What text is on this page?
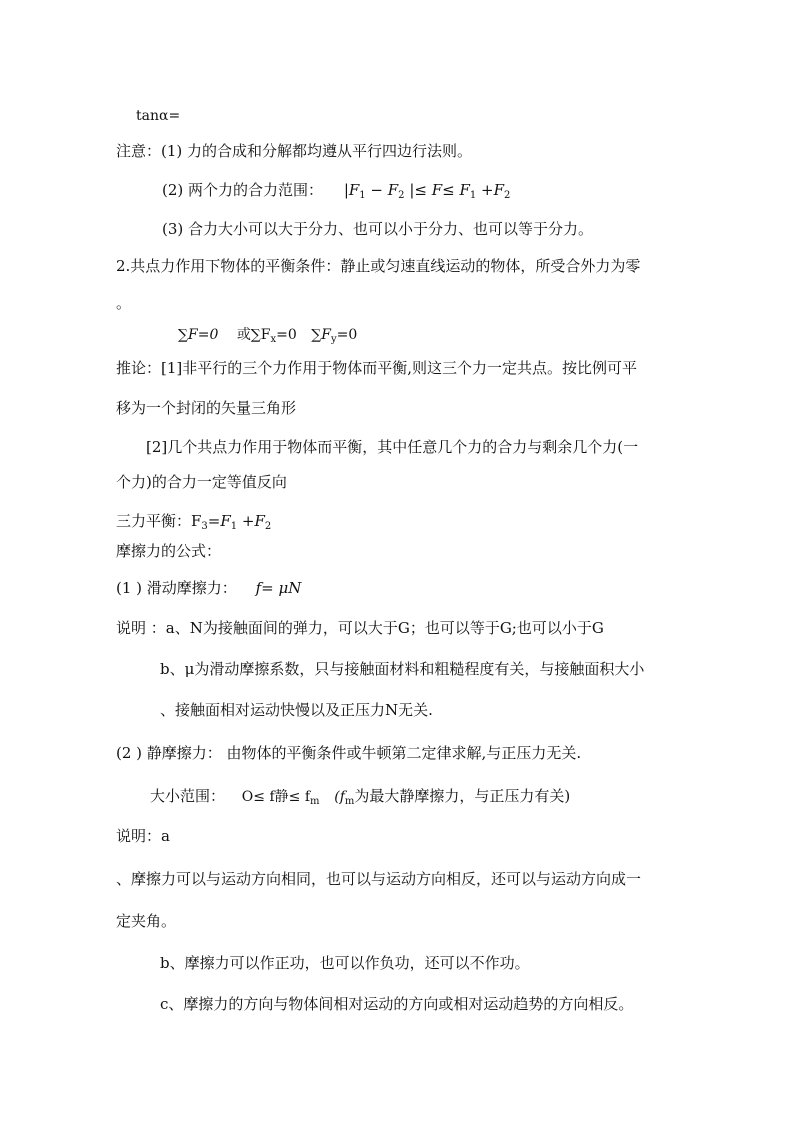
tanα=
注意：(1) 力的合成和分解都均遵从平行四边行法则。
(2) 两个力的合力范围： $|F_1 - F_2$ |≤ $F\le F_1 +F_2$
(3) 合力大小可以大于分力、也可以小于分力、也可以等于分力。
2.共点力作用下物体的平衡条件：静止或匀速直线运动的物体，所受合外力为零
。
∑F=0 或$\sum F_x=0$ $\sum F_y=0$
推论：[1]非平行的三个力作用于物体而平衡,则这三个力一定共点。按比例可平
移为一个封闭的矢量三角形
[2]几个共点力作用于物体而平衡，其中任意几个力的合力与剩余几个力(一
个力)的合力一定等值反向
三力平衡：$F_3=F_1 +F_2$
摩擦力的公式：
(1 ) 滑动摩擦力： f= μN
说明 ：a、N为接触面间的弹力，可以大于G；也可以等于G;也可以小于G
b、μ为滑动摩擦系数，只与接触面材料和粗糙程度有关，与接触面积大小
、接触面相对运动快慢以及正压力N无关.
(2 ) 静摩擦力： 由物体的平衡条件或牛顿第二定律求解,与正压力无关.
大小范围： O≤ f静≤ $f_m$ ($f_m$为最大静摩擦力，与正压力有关)
说明：a
、摩擦力可以与运动方向相同，也可以与运动方向相反，还可以与运动方向成一
定夹角。
b、摩擦力可以作正功，也可以作负功，还可以不作功。
c、摩擦力的方向与物体间相对运动的方向或相对运动趋势的方向相反。
